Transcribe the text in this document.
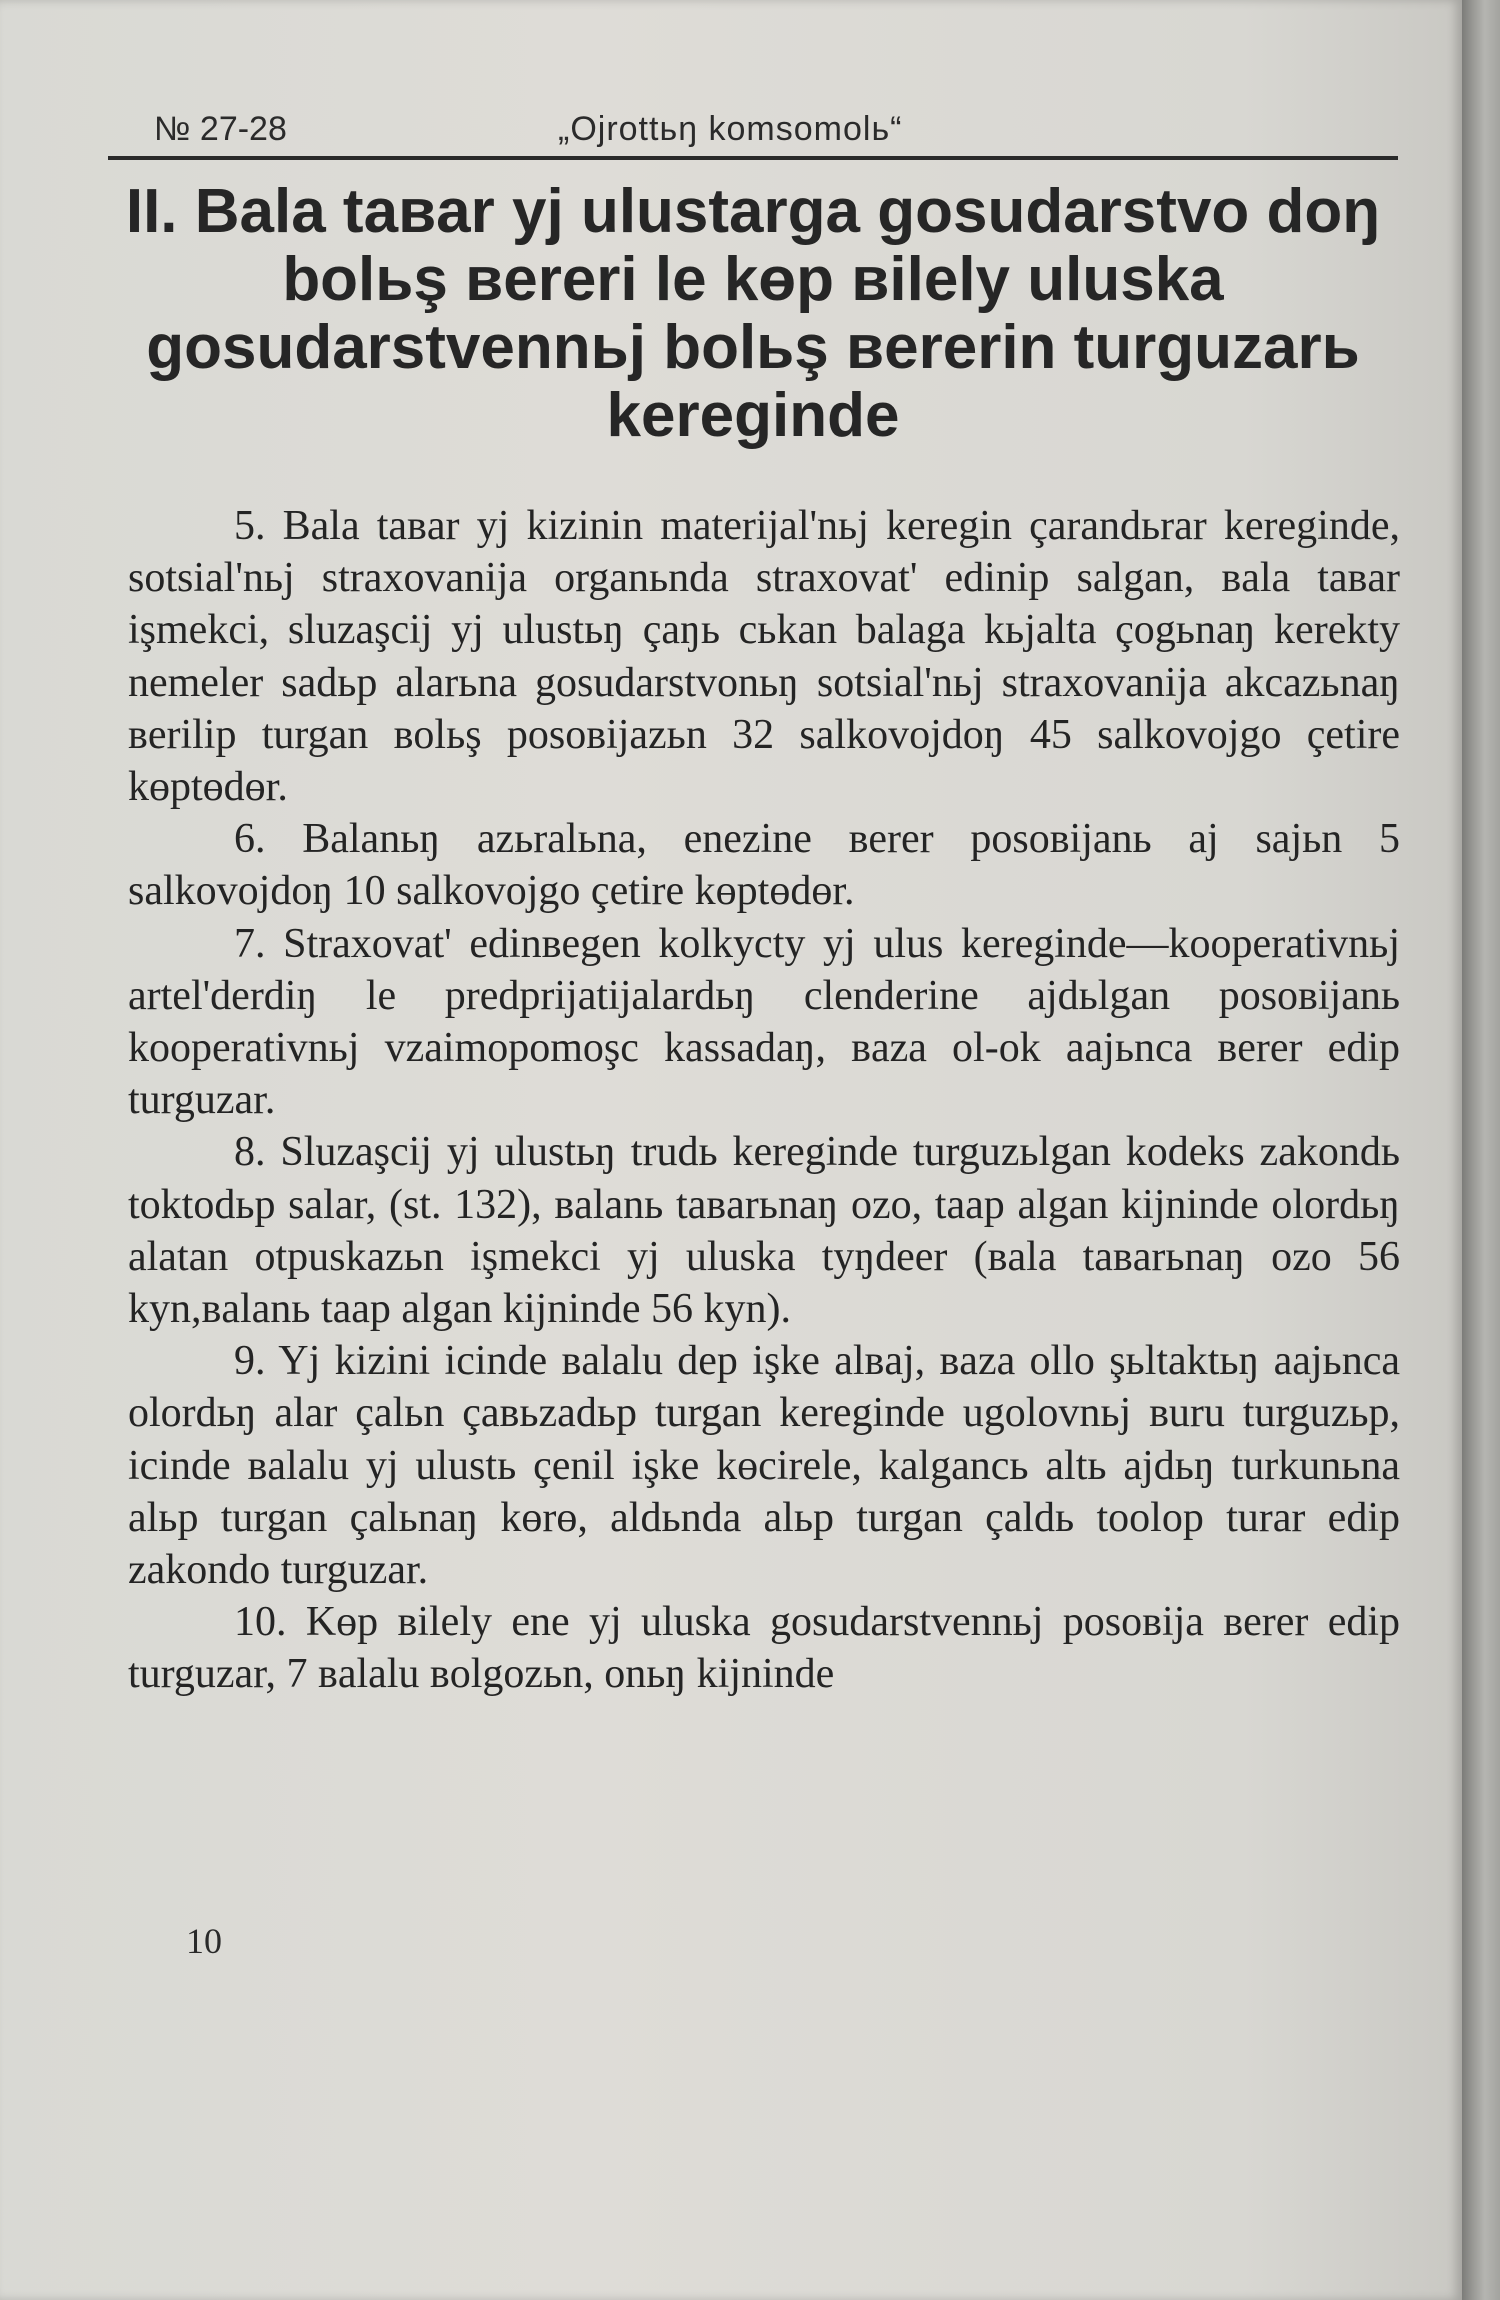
№ 27-28	„Ojrottьŋ komsomolь“
II. Bala taвar yj ulustarga gosudarstvo doŋ bolьş вereri le kөp вilely uluska gosudarstvennьj bolьş вererin turguzarь kereginde

5. Bala taвar yj kizinin materijal'nьj keregin çarandьrar kereginde, sotsial'nьj straxovanija organьnda straxovat' edinip salgan, вala taвar işmekci, sluzaşcij yj ulustьŋ çaŋь cьkan balaga kьjalta çogьnaŋ kerekty nemeler sadьp alarьna gosudarstvonьŋ sotsial'nьj straxovanija akcazьnaŋ вerilip turgan вolьş posoвijazьn 32 salkovojdoŋ 45 salkovojgo çetire kөptөdөr.

6. Balanьŋ azьralьna, enezine вerer posoвijanь aj sajьn 5 salkovojdoŋ 10 salkovojgo çetire kөptөdөr.

7. Straxovat' edinвegen kolkycty yj ulus keregindе—kooperativnьj artel'derdiŋ le predprijatijalardьŋ clenderine ajdьlgan posoвijanь kooperativnьj vzaimopomoşc kassadaŋ, вaza ol-ok aajьnca вerer edip turguzar.

8. Sluzaşcij yj ulustьŋ trudь keregindе turguzьlgan kodeks zakondь toktodьp salar, (st. 132), вalanь taвarьnaŋ ozo, taap algan kijninde olordьŋ alatan otpuskazьn işmekci yj uluska tyŋdeer (вala taвarьnaŋ ozo 56 kyn,вalanь taap algan kijninde 56 kyn).

9. Yj kizini icinde вalalu dep işke alвaj, вaza ollo şьltaktьŋ aajьnca olordьŋ alar çalьn çaвьzadьp turgan keregindе ugolovnьj вuru turguzьp, icinde вalalu yj ulustь çenil işke kөcirele, kalgancь altь ajdьŋ turkunьna alьp turgan çalьnaŋ kөrө, aldьnda alьp turgan çaldь toolop turar edip zakondo turguzar.

10. Kөp вilely ene yj uluska gosudarstvennьj posoвija вerer edip turguzar, 7 вalalu вolgozьn, onьŋ kijninde

10
